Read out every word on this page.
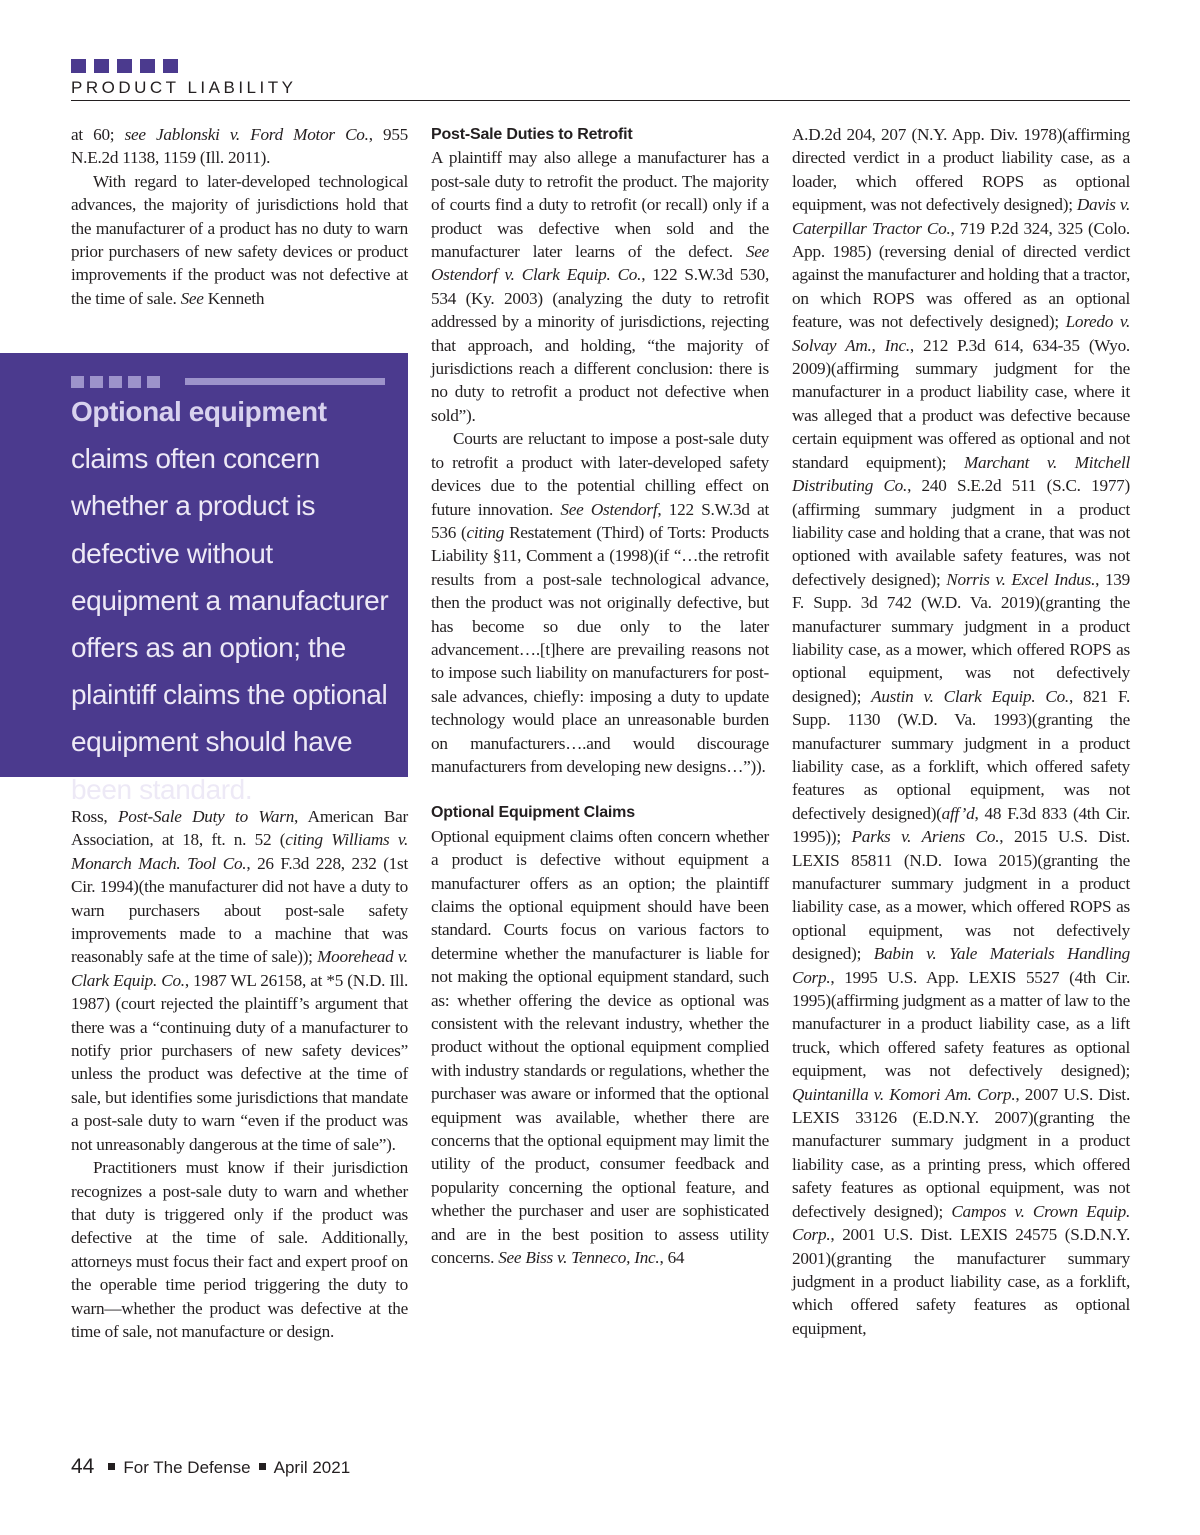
PRODUCT LIABILITY

at 60; see Jablonski v. Ford Motor Co., 955 N.E.2d 1138, 1159 (Ill. 2011).

With regard to later-developed technological advances, the majority of jurisdictions hold that the manufacturer of a product has no duty to warn prior purchasers of new safety devices or product improvements if the product was not defective at the time of sale. See Kenneth

Optional equipment claims often concern whether a product is defective without equipment a manufacturer offers as an option; the plaintiff claims the optional equipment should have been standard.

Ross, Post-Sale Duty to Warn, American Bar Association, at 18, ft. n. 52 (citing Williams v. Monarch Mach. Tool Co., 26 F.3d 228, 232 (1st Cir. 1994)(the manufacturer did not have a duty to warn purchasers about post-sale safety improvements made to a machine that was reasonably safe at the time of sale)); Moorehead v. Clark Equip. Co., 1987 WL 26158, at *5 (N.D. Ill. 1987) (court rejected the plaintiff’s argument that there was a “continuing duty of a manufacturer to notify prior purchasers of new safety devices” unless the product was defective at the time of sale, but identifies some jurisdictions that mandate a post-sale duty to warn “even if the product was not unreasonably dangerous at the time of sale”).

Practitioners must know if their jurisdiction recognizes a post-sale duty to warn and whether that duty is triggered only if the product was defective at the time of sale. Additionally, attorneys must focus their fact and expert proof on the operable time period triggering the duty to warn—whether the product was defective at the time of sale, not manufacture or design.

Post-Sale Duties to Retrofit

A plaintiff may also allege a manufacturer has a post-sale duty to retrofit the product. The majority of courts find a duty to retrofit (or recall) only if a product was defective when sold and the manufacturer later learns of the defect. See Ostendorf v. Clark Equip. Co., 122 S.W.3d 530, 534 (Ky. 2003) (analyzing the duty to retrofit addressed by a minority of jurisdictions, rejecting that approach, and holding, “the majority of jurisdictions reach a different conclusion: there is no duty to retrofit a product not defective when sold”).

Courts are reluctant to impose a post-sale duty to retrofit a product with later-developed safety devices due to the potential chilling effect on future innovation. See Ostendorf, 122 S.W.3d at 536 (citing Restatement (Third) of Torts: Products Liability §11, Comment a (1998)(if “…the retrofit results from a post-sale technological advance, then the product was not originally defective, but has become so due only to the later advancement….[t]here are prevailing reasons not to impose such liability on manufacturers for post-sale advances, chiefly: imposing a duty to update technology would place an unreasonable burden on manufacturers….and would discourage manufacturers from developing new designs…”)).

Optional Equipment Claims

Optional equipment claims often concern whether a product is defective without equipment a manufacturer offers as an option; the plaintiff claims the optional equipment should have been standard. Courts focus on various factors to determine whether the manufacturer is liable for not making the optional equipment standard, such as: whether offering the device as optional was consistent with the relevant industry, whether the product without the optional equipment complied with industry standards or regulations, whether the purchaser was aware or informed that the optional equipment was available, whether there are concerns that the optional equipment may limit the utility of the product, consumer feedback and popularity concerning the optional feature, and whether the purchaser and user are sophisticated and are in the best position to assess utility concerns. See Biss v. Tenneco, Inc., 64

A.D.2d 204, 207 (N.Y. App. Div. 1978)(affirming directed verdict in a product liability case, as a loader, which offered ROPS as optional equipment, was not defectively designed); Davis v. Caterpillar Tractor Co., 719 P.2d 324, 325 (Colo. App. 1985) (reversing denial of directed verdict against the manufacturer and holding that a tractor, on which ROPS was offered as an optional feature, was not defectively designed); Loredo v. Solvay Am., Inc., 212 P.3d 614, 634-35 (Wyo. 2009)(affirming summary judgment for the manufacturer in a product liability case, where it was alleged that a product was defective because certain equipment was offered as optional and not standard equipment); Marchant v. Mitchell Distributing Co., 240 S.E.2d 511 (S.C. 1977)(affirming summary judgment in a product liability case and holding that a crane, that was not optioned with available safety features, was not defectively designed); Norris v. Excel Indus., 139 F. Supp. 3d 742 (W.D. Va. 2019)(granting the manufacturer summary judgment in a product liability case, as a mower, which offered ROPS as optional equipment, was not defectively designed); Austin v. Clark Equip. Co., 821 F. Supp. 1130 (W.D. Va. 1993)(granting the manufacturer summary judgment in a product liability case, as a forklift, which offered safety features as optional equipment, was not defectively designed)(aff’d, 48 F.3d 833 (4th Cir. 1995)); Parks v. Ariens Co., 2015 U.S. Dist. LEXIS 85811 (N.D. Iowa 2015)(granting the manufacturer summary judgment in a product liability case, as a mower, which offered ROPS as optional equipment, was not defectively designed); Babin v. Yale Materials Handling Corp., 1995 U.S. App. LEXIS 5527 (4th Cir. 1995)(affirming judgment as a matter of law to the manufacturer in a product liability case, as a lift truck, which offered safety features as optional equipment, was not defectively designed); Quintanilla v. Komori Am. Corp., 2007 U.S. Dist. LEXIS 33126 (E.D.N.Y. 2007)(granting the manufacturer summary judgment in a product liability case, as a printing press, which offered safety features as optional equipment, was not defectively designed); Campos v. Crown Equip. Corp., 2001 U.S. Dist. LEXIS 24575 (S.D.N.Y. 2001)(granting the manufacturer summary judgment in a product liability case, as a forklift, which offered safety features as optional equipment,

44 For The Defense April 2021
